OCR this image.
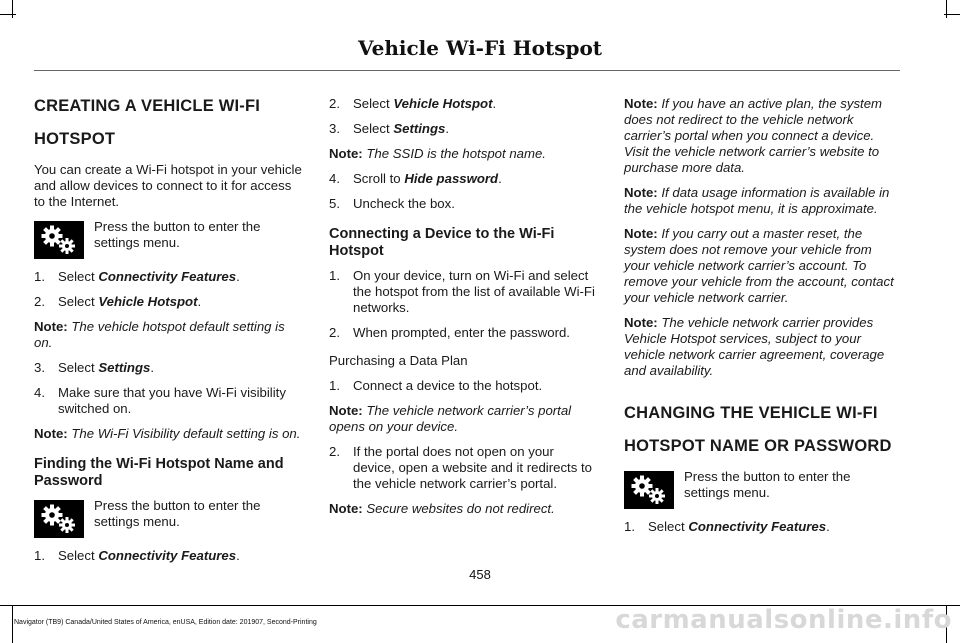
Vehicle Wi-Fi Hotspot
CREATING A VEHICLE WI-FI
HOTSPOT

You can create a Wi-Fi hotspot in your vehicle and allow devices to connect to it for access to the Internet.

Press the button to enter the settings menu.
1. Select Connectivity Features.
2. Select Vehicle Hotspot.

Note: The vehicle hotspot default setting is on.

3. Select Settings.
4. Make sure that you have Wi-Fi visibility switched on.

Note: The Wi-Fi Visibility default setting is on.

Finding the Wi-Fi Hotspot Name and Password
Press the button to enter the settings menu.
1. Select Connectivity Features.
2. Select Vehicle Hotspot.
3. Select Settings.

Note: The SSID is the hotspot name.

4. Scroll to Hide password.
5. Uncheck the box.
Connecting a Device to the Wi-Fi Hotspot
1. On your device, turn on Wi-Fi and select the hotspot from the list of available Wi-Fi networks.
2. When prompted, enter the password.
Purchasing a Data Plan
1. Connect a device to the hotspot.

Note: The vehicle network carrier’s portal opens on your device.

2. If the portal does not open on your device, open a website and it redirects to the vehicle network carrier’s portal.

Note: Secure websites do not redirect.

Note: If you have an active plan, the system does not redirect to the vehicle network carrier’s portal when you connect a device. Visit the vehicle network carrier’s website to purchase more data.

Note: If data usage information is available in the vehicle hotspot menu, it is approximate.

Note: If you carry out a master reset, the system does not remove your vehicle from your vehicle network carrier’s account. To remove your vehicle from the account, contact your vehicle network carrier.

Note: The vehicle network carrier provides Vehicle Hotspot services, subject to your vehicle network carrier agreement, coverage and availability.

CHANGING THE VEHICLE WI-FI
HOTSPOT NAME OR PASSWORD
Press the button to enter the settings menu.
1. Select Connectivity Features.
458
Navigator (TB9) Canada/United States of America, enUSA, Edition date: 201907, Second-Printing	carmanualsonline.info
